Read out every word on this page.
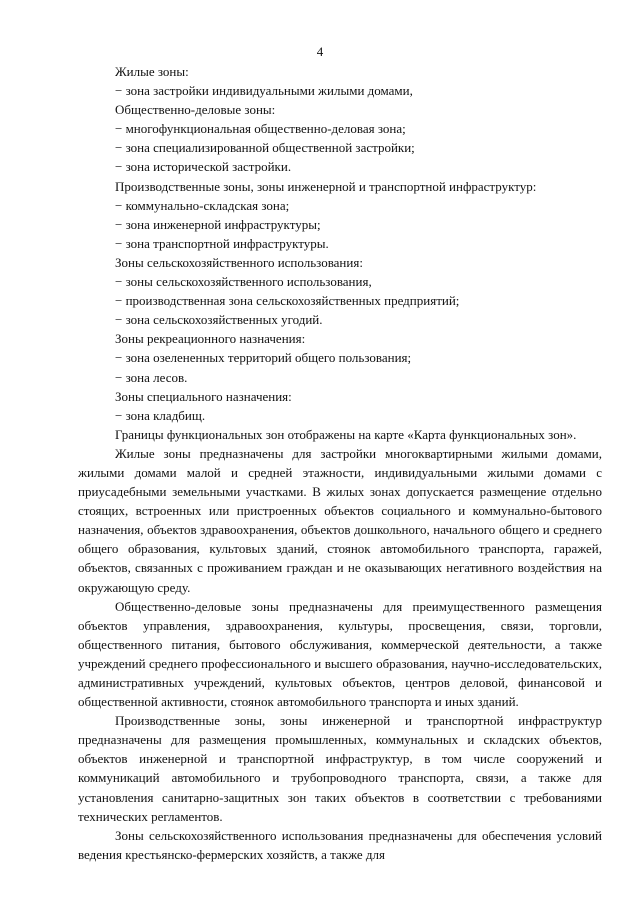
4
Жилые зоны:
− зона застройки индивидуальными жилыми домами,
Общественно-деловые зоны:
− многофункциональная общественно-деловая зона;
− зона специализированной общественной застройки;
− зона исторической застройки.
Производственные зоны, зоны инженерной и транспортной инфраструктур:
− коммунально-складская зона;
− зона инженерной инфраструктуры;
− зона транспортной инфраструктуры.
Зоны сельскохозяйственного использования:
− зоны сельскохозяйственного использования,
− производственная зона сельскохозяйственных предприятий;
− зона сельскохозяйственных угодий.
Зоны рекреационного назначения:
− зона озелененных территорий общего пользования;
− зона лесов.
Зоны специального назначения:
− зона кладбищ.

Границы функциональных зон отображены на карте «Карта функциональных зон».

Жилые зоны предназначены для застройки многоквартирными жилыми домами, жилыми домами малой и средней этажности, индивидуальными жилыми домами с приусадебными земельными участками. В жилых зонах допускается размещение отдельно стоящих, встроенных или пристроенных объектов социального и коммунально-бытового назначения, объектов здравоохранения, объектов дошкольного, начального общего и среднего общего образования, культовых зданий, стоянок автомобильного транспорта, гаражей, объектов, связанных с проживанием граждан и не оказывающих негативного воздействия на окружающую среду.

Общественно-деловые зоны предназначены для преимущественного размещения объектов управления, здравоохранения, культуры, просвещения, связи, торговли, общественного питания, бытового обслуживания, коммерческой деятельности, а также учреждений среднего профессионального и высшего образования, научно-исследовательских, административных учреждений, культовых объектов, центров деловой, финансовой и общественной активности, стоянок автомобильного транспорта и иных зданий.

Производственные зоны, зоны инженерной и транспортной инфраструктур предназначены для размещения промышленных, коммунальных и складских объектов, объектов инженерной и транспортной инфраструктур, в том числе сооружений и коммуникаций автомобильного и трубопроводного транспорта, связи, а также для установления санитарно-защитных зон таких объектов в соответствии с требованиями технических регламентов.

Зоны сельскохозяйственного использования предназначены для обеспечения условий ведения крестьянско-фермерских хозяйств, а также для
